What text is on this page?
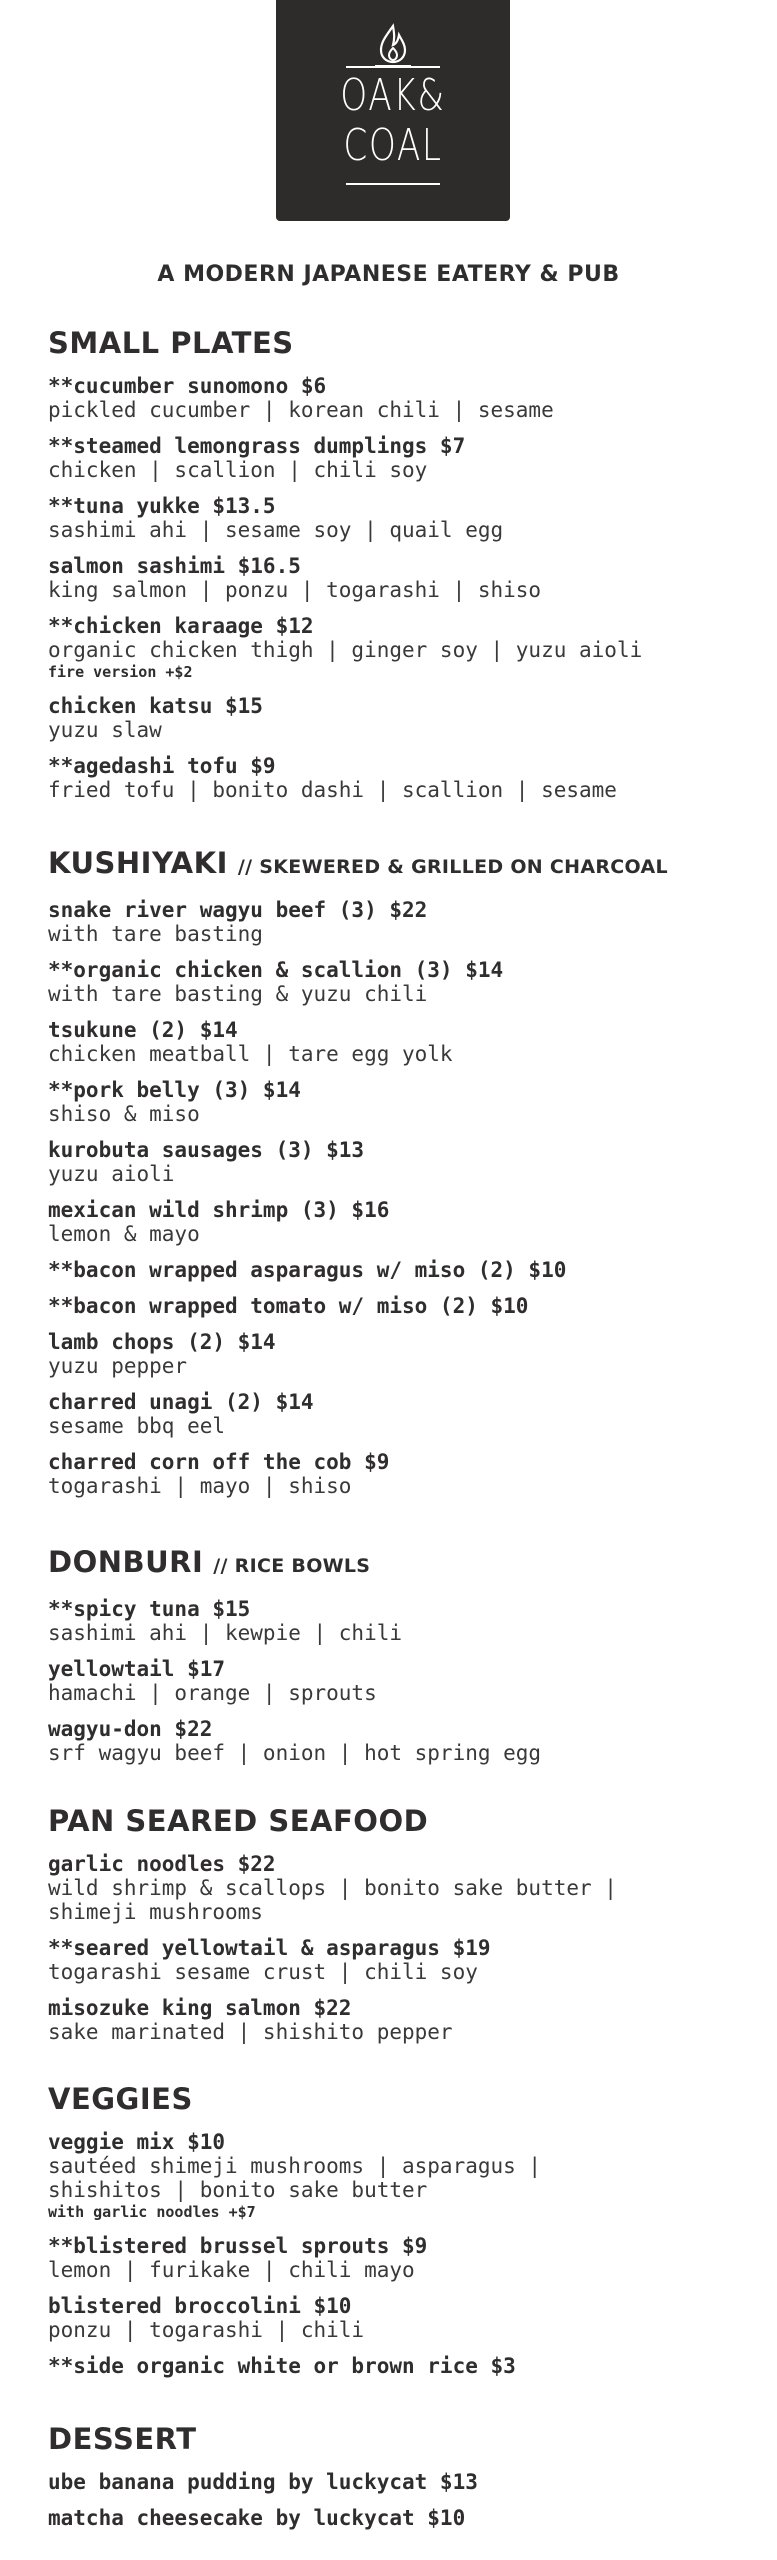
OAK&
COAL
A MODERN JAPANESE EATERY & PUB
SMALL PLATES
**cucumber sunomono $6
pickled cucumber | korean chili | sesame
**steamed lemongrass dumplings $7
chicken | scallion | chili soy
**tuna yukke $13.5
sashimi ahi | sesame soy | quail egg
salmon sashimi $16.5
king salmon | ponzu | togarashi | shiso
**chicken karaage $12
organic chicken thigh | ginger soy | yuzu aioli
fire version +$2
chicken katsu $15
yuzu slaw
**agedashi tofu $9
fried tofu | bonito dashi | scallion | sesame
KUSHIYAKI // SKEWERED & GRILLED ON CHARCOAL
snake river wagyu beef (3) $22
with tare basting
**organic chicken & scallion (3) $14
with tare basting & yuzu chili
tsukune (2) $14
chicken meatball | tare egg yolk
**pork belly (3) $14
shiso & miso
kurobuta sausages (3) $13
yuzu aioli
mexican wild shrimp (3) $16
lemon & mayo
**bacon wrapped asparagus w/ miso (2) $10
**bacon wrapped tomato w/ miso (2) $10
lamb chops (2) $14
yuzu pepper
charred unagi (2) $14
sesame bbq eel
charred corn off the cob $9
togarashi | mayo | shiso
DONBURI // RICE BOWLS
**spicy tuna $15
sashimi ahi | kewpie | chili
yellowtail $17
hamachi | orange | sprouts
wagyu-don $22
srf wagyu beef | onion | hot spring egg
PAN SEARED SEAFOOD
garlic noodles $22
wild shrimp & scallops | bonito sake butter |
shimeji mushrooms
**seared yellowtail & asparagus $19
togarashi sesame crust | chili soy
misozuke king salmon $22
sake marinated | shishito pepper
VEGGIES
veggie mix $10
sautéed shimeji mushrooms | asparagus |
shishitos | bonito sake butter
with garlic noodles +$7
**blistered brussel sprouts $9
lemon | furikake | chili mayo
blistered broccolini $10
ponzu | togarashi | chili
**side organic white or brown rice $3
DESSERT
ube banana pudding by luckycat $13
matcha cheesecake by luckycat $10
